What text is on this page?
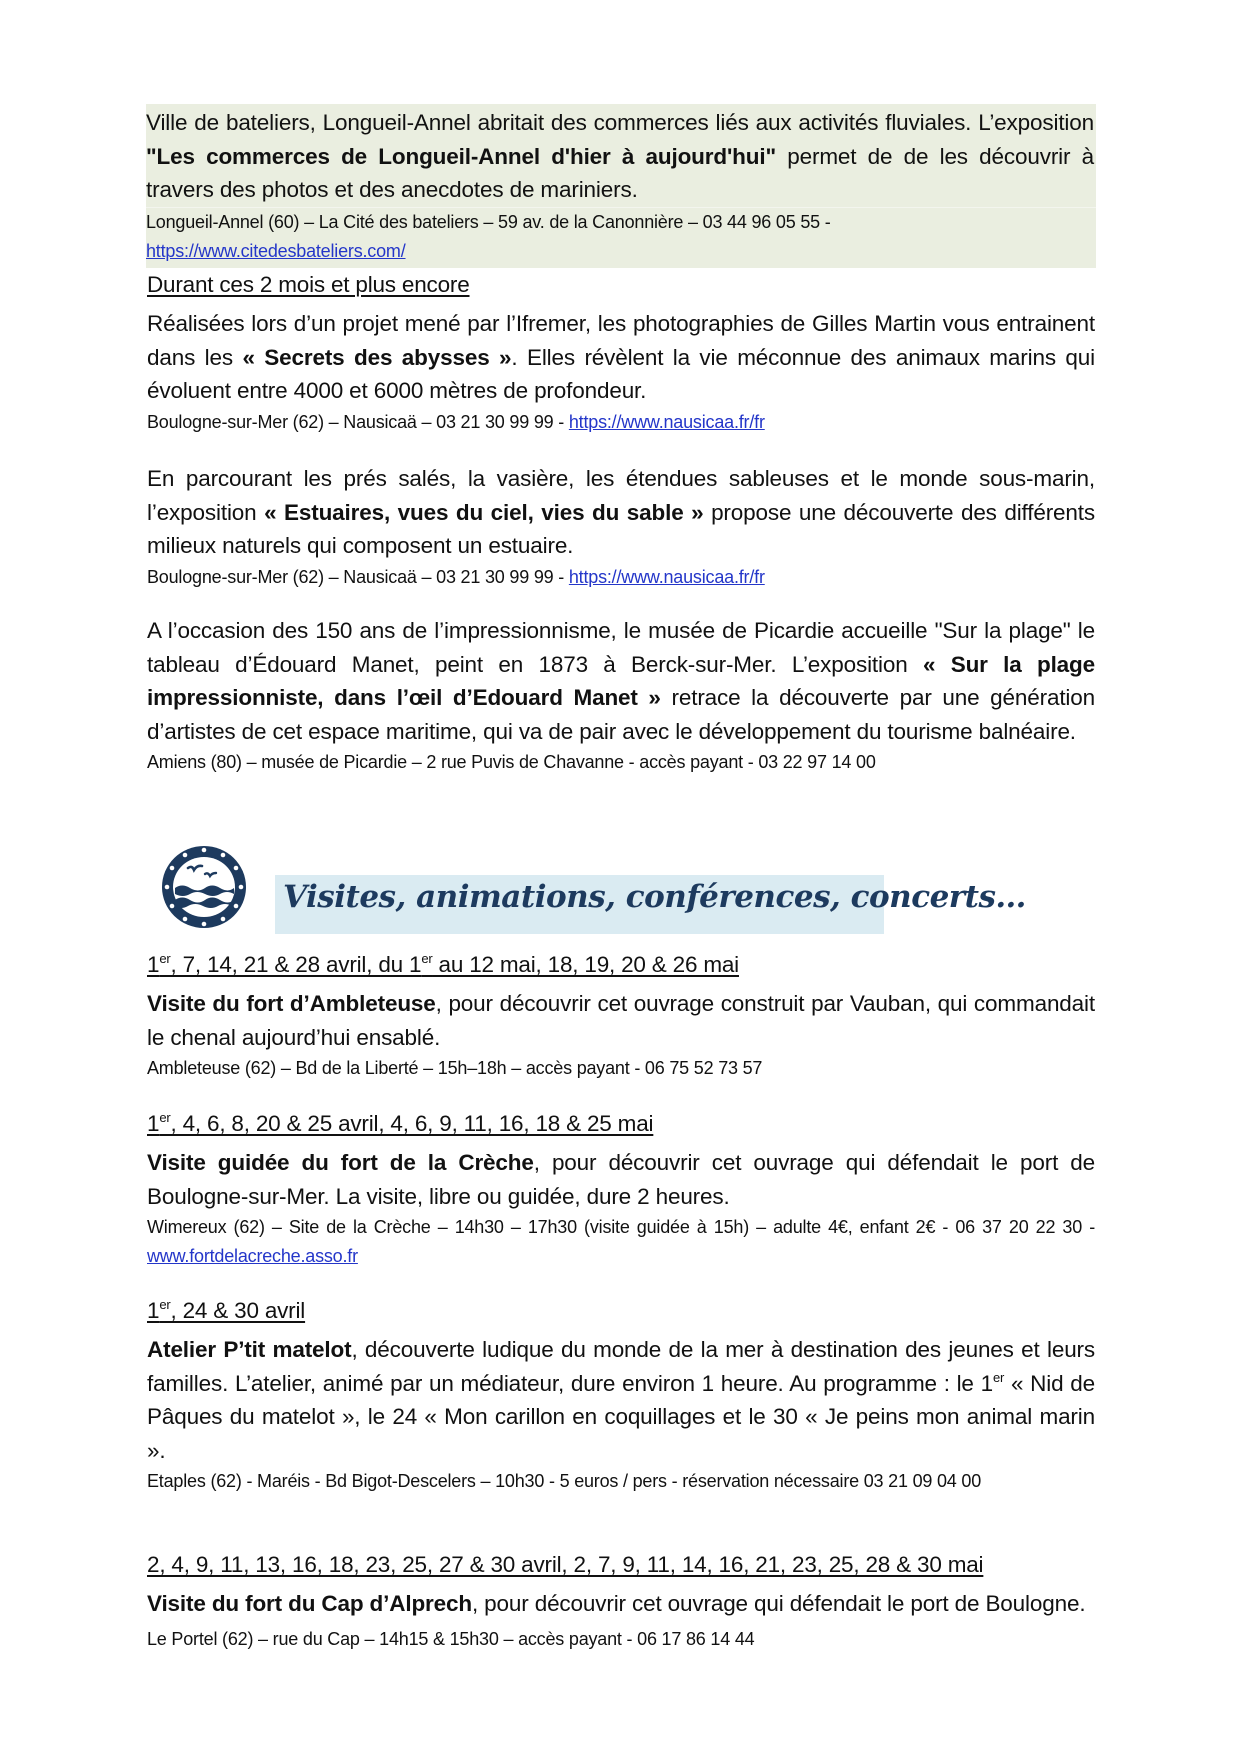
Ville de bateliers, Longueil-Annel abritait des commerces liés aux activités fluviales. L’exposition "Les commerces de Longueil-Annel d'hier à aujourd'hui" permet de de les découvrir à travers des photos et des anecdotes de mariniers.
Longueil-Annel (60) – La Cité des bateliers – 59 av. de la Canonnière – 03 44 96 05 55 -
https://www.citedesbateliers.com/
Durant ces 2 mois et plus encore
Réalisées lors d’un projet mené par l’Ifremer, les photographies de Gilles Martin vous entrainent dans les « Secrets des abysses ». Elles révèlent la vie méconnue des animaux marins qui évoluent entre 4000 et 6000 mètres de profondeur.
Boulogne-sur-Mer (62) – Nausicaä – 03 21 30 99 99 - https://www.nausicaa.fr/fr
En parcourant les prés salés, la vasière, les étendues sableuses et le monde sous-marin, l’exposition « Estuaires, vues du ciel, vies du sable » propose une découverte des différents milieux naturels qui composent un estuaire.
Boulogne-sur-Mer (62) – Nausicaä – 03 21 30 99 99 - https://www.nausicaa.fr/fr
A l’occasion des 150 ans de l’impressionnisme, le musée de Picardie accueille "Sur la plage" le tableau d’Édouard Manet, peint en 1873 à Berck-sur-Mer. L’exposition « Sur la plage impressionniste, dans l’œil d’Edouard Manet » retrace la découverte par une génération d’artistes de cet espace maritime, qui va de pair avec le développement du tourisme balnéaire.
Amiens (80) – musée de Picardie – 2 rue Puvis de Chavanne - accès payant - 03 22 97 14 00
Visites, animations, conférences, concerts…
1er, 7, 14, 21 & 28 avril, du 1er au 12 mai, 18, 19, 20 & 26 mai
Visite du fort d’Ambleteuse, pour découvrir cet ouvrage construit par Vauban, qui commandait le chenal aujourd’hui ensablé.
Ambleteuse (62) – Bd de la Liberté – 15h–18h – accès payant - 06 75 52 73 57
1er, 4, 6, 8, 20 & 25 avril, 4, 6, 9, 11, 16, 18 & 25 mai
Visite guidée du fort de la Crèche, pour découvrir cet ouvrage qui défendait le port de Boulogne-sur-Mer. La visite, libre ou guidée, dure 2 heures.
Wimereux (62) – Site de la Crèche – 14h30 – 17h30 (visite guidée à 15h) – adulte 4€, enfant 2€ - 06 37 20 22 30 - www.fortdelacreche.asso.fr
1er, 24 & 30 avril
Atelier P’tit matelot, découverte ludique du monde de la mer à destination des jeunes et leurs familles. L’atelier, animé par un médiateur, dure environ 1 heure. Au programme : le 1er « Nid de Pâques du matelot », le 24 « Mon carillon en coquillages et le 30 « Je peins mon animal marin ».
Etaples (62) - Maréis - Bd Bigot-Descelers – 10h30 - 5 euros / pers - réservation nécessaire 03 21 09 04 00
2, 4, 9, 11, 13, 16, 18, 23, 25, 27 & 30 avril, 2, 7, 9, 11, 14, 16, 21, 23, 25, 28 & 30 mai
Visite du fort du Cap d’Alprech, pour découvrir cet ouvrage qui défendait le port de Boulogne.  Le Portel (62) – rue du Cap – 14h15 & 15h30 – accès payant - 06 17 86 14 44
